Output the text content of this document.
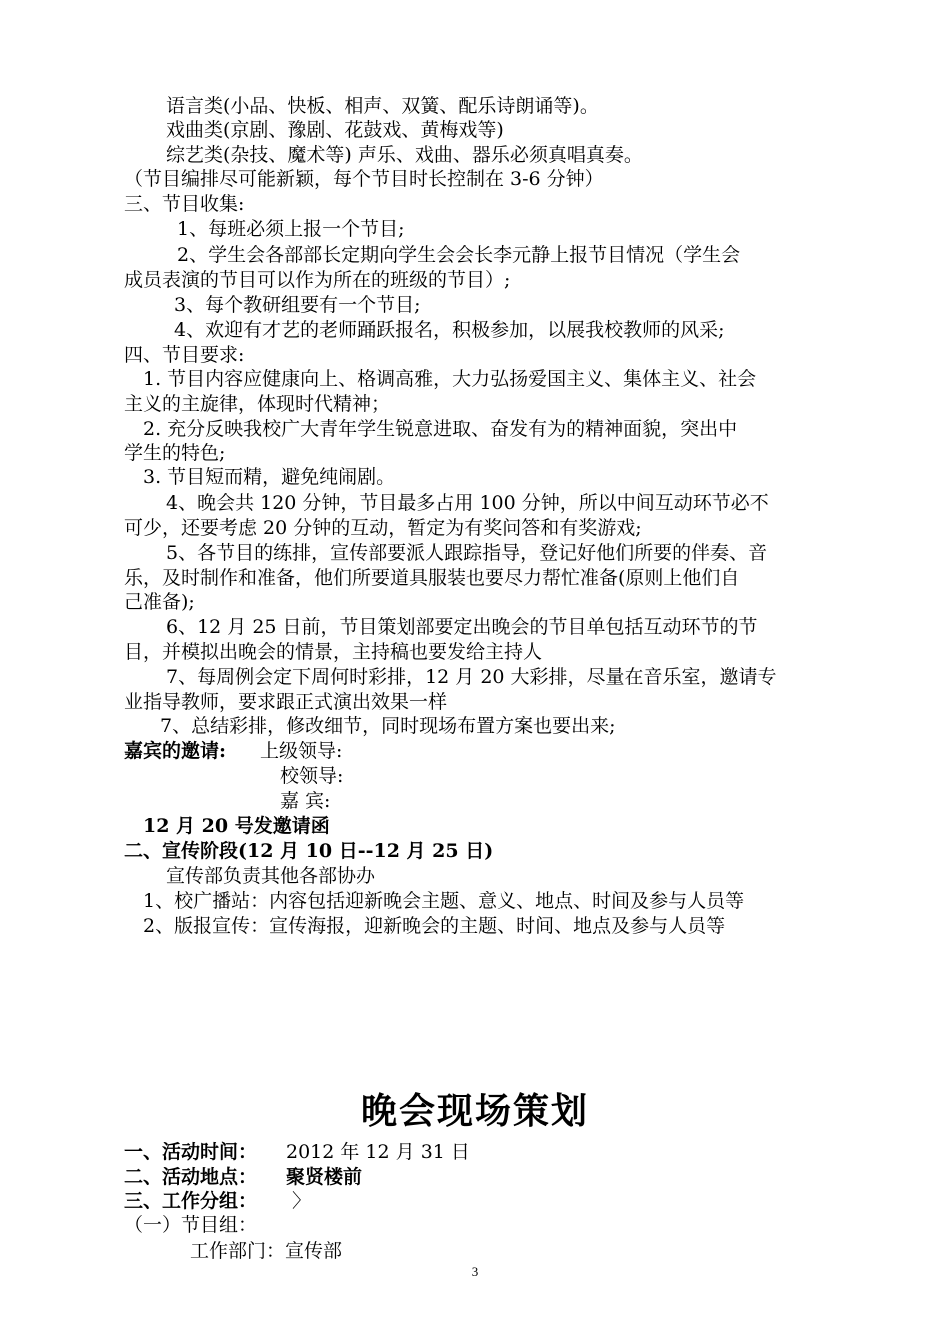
语言类(小品、快板、相声、双簧、配乐诗朗诵等)。
戏曲类(京剧、豫剧、花鼓戏、黄梅戏等)
综艺类(杂技、魔术等) 声乐、戏曲、器乐必须真唱真奏。
（节目编排尽可能新颖，每个节目时长控制在 3-6 分钟）
三、节目收集:
1、每班必须上报一个节目;
2、学生会各部部长定期向学生会会长李元静上报节目情况（学生会
成员表演的节目可以作为所在的班级的节目）;
3、每个教研组要有一个节目;
4、欢迎有才艺的老师踊跃报名，积极参加，以展我校教师的风采;
四、节目要求:
1. 节目内容应健康向上、格调高雅，大力弘扬爱国主义、集体主义、社会
主义的主旋律，体现时代精神；
2. 充分反映我校广大青年学生锐意进取、奋发有为的精神面貌，突出中
学生的特色;
3. 节目短而精，避免纯闹剧。
4、晚会共 120 分钟，节目最多占用 100 分钟，所以中间互动环节必不
可少，还要考虑 20 分钟的互动，暂定为有奖问答和有奖游戏;
5、各节目的练排，宣传部要派人跟踪指导，登记好他们所要的伴奏、音
乐，及时制作和准备，他们所要道具服装也要尽力帮忙准备(原则上他们自
己准备);
6、12 月 25 日前，节目策划部要定出晚会的节目单包括互动环节的节
目，并模拟出晚会的情景，主持稿也要发给主持人
7、每周例会定下周何时彩排，12 月 20 大彩排，尽量在音乐室，邀请专
业指导教师，要求跟正式演出效果一样
7、总结彩排，修改细节，同时现场布置方案也要出来;
嘉宾的邀请: 上级领导:
校领导:
嘉 宾:
12 月 20 号发邀请函
二、宣传阶段(12 月 10 日--12 月 25 日)
宣传部负责其他各部协办
1、校广播站：内容包括迎新晚会主题、意义、地点、时间及参与人员等
2、版报宣传：宣传海报，迎新晚会的主题、时间、地点及参与人员等
晚会现场策划
一、活动时间： 2012 年 12 月 31 日
二、活动地点： 聚贤楼前
三、工作分组： 〉
（一）节目组：
工作部门：宣传部
3
